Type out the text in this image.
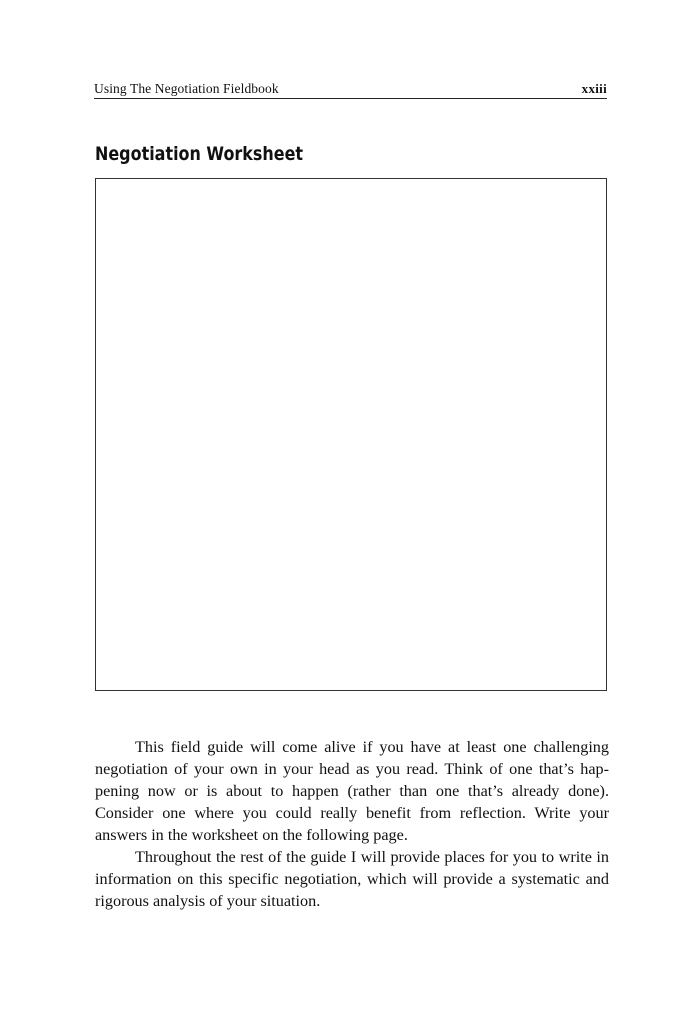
Using The Negotiation Fieldbook	xxiii
Negotiation Worksheet

This field guide will come alive if you have at least one challenging negotiation of your own in your head as you read. Think of one that’s happening now or is about to happen (rather than one that’s already done). Consider one where you could really benefit from reflection. Write your answers in the worksheet on the following page.

Throughout the rest of the guide I will provide places for you to write in information on this specific negotiation, which will provide a systematic and rigorous analysis of your situation.
